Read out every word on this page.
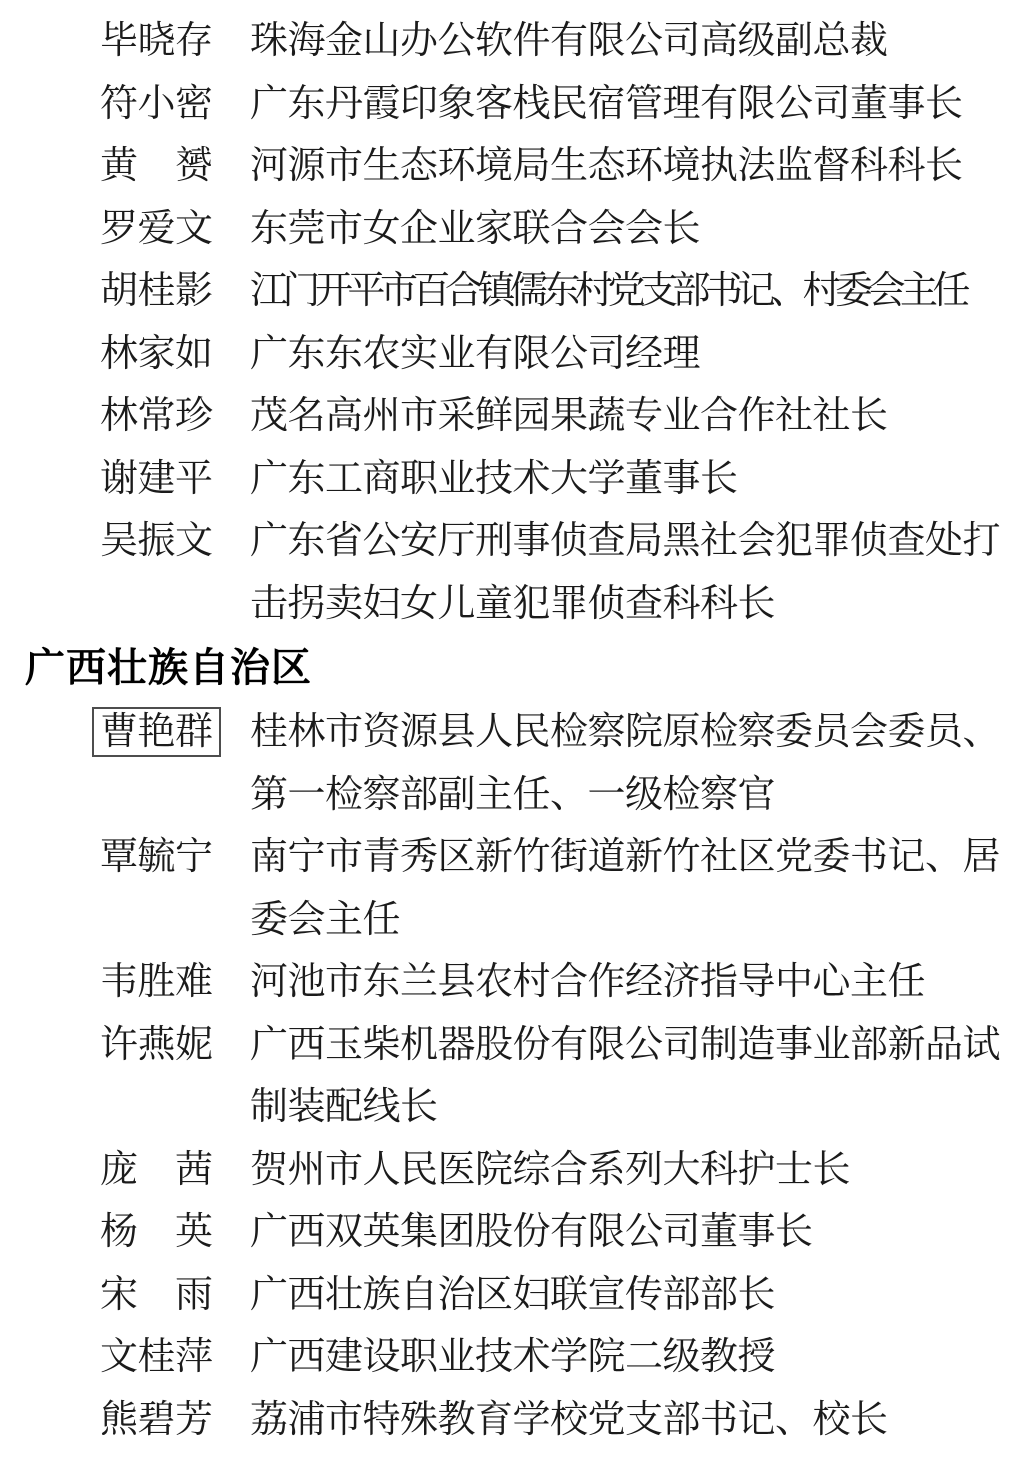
毕晓存 珠海金山办公软件有限公司高级副总裁
符小密 广东丹霞印象客栈民宿管理有限公司董事长
黄　赟 河源市生态环境局生态环境执法监督科科长
罗爱文 东莞市女企业家联合会会长
胡桂影 江门开平市百合镇儒东村党支部书记、村委会主任
林家如 广东东农实业有限公司经理
林常珍 茂名高州市采鲜园果蔬专业合作社社长
谢建平 广东工商职业技术大学董事长
吴振文 广东省公安厅刑事侦查局黑社会犯罪侦查处打
击拐卖妇女儿童犯罪侦查科科长
广西壮族自治区
曹艳群 桂林市资源县人民检察院原检察委员会委员、
第一检察部副主任、一级检察官
覃毓宁 南宁市青秀区新竹街道新竹社区党委书记、居
委会主任
韦胜难 河池市东兰县农村合作经济指导中心主任
许燕妮 广西玉柴机器股份有限公司制造事业部新品试
制装配线长
庞　茜 贺州市人民医院综合系列大科护士长
杨　英 广西双英集团股份有限公司董事长
宋　雨 广西壮族自治区妇联宣传部部长
文桂萍 广西建设职业技术学院二级教授
熊碧芳 荔浦市特殊教育学校党支部书记、校长
